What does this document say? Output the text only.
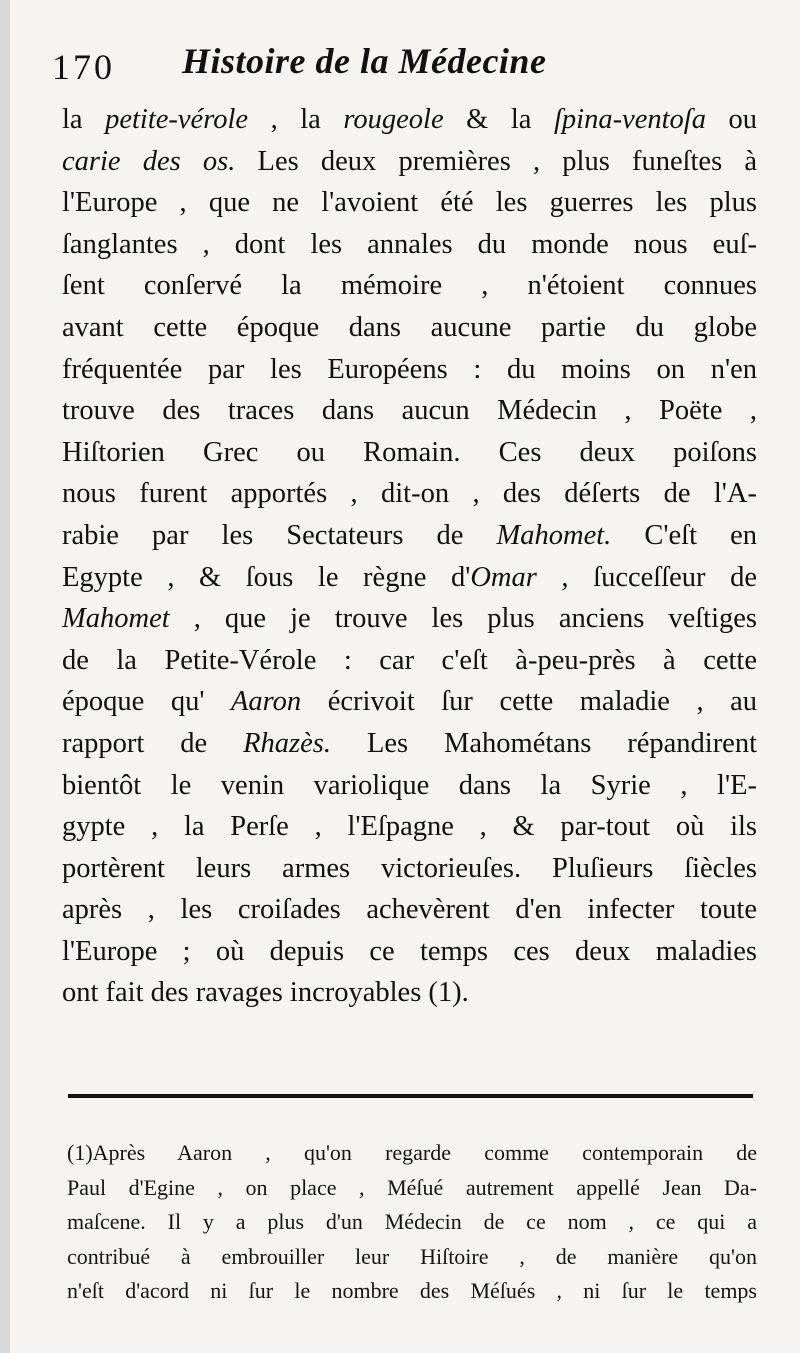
170 Histoire de la Médecine
la petite-vérole , la rougeole & la ſpina-ventoſa ou
carie des os. Les deux premières , plus funeſtes à
l'Europe , que ne l'avoient été les guerres les plus
ſanglantes , dont les annales du monde nous euſ-
ſent conſervé la mémoire , n'étoient connues
avant cette époque dans aucune partie du globe
fréquentée par les Européens : du moins on n'en
trouve des traces dans aucun Médecin , Poëte ,
Hiſtorien Grec ou Romain. Ces deux poiſons
nous furent apportés , dit-on , des déſerts de l'A-
rabie par les Sectateurs de Mahomet. C'eſt en
Egypte , & ſous le règne d'Omar , ſucceſſeur de
Mahomet , que je trouve les plus anciens veſtiges
de la Petite-Vérole : car c'eſt à-peu-près à cette
époque qu' Aaron écrivoit ſur cette maladie , au
rapport de Rhazès. Les Mahométans répandirent
bientôt le venin variolique dans la Syrie , l'E-
gypte , la Perſe , l'Eſpagne , & par-tout où ils
portèrent leurs armes victorieuſes. Pluſieurs ſiècles
après , les croiſades achevèrent d'en infecter toute
l'Europe ; où depuis ce temps ces deux maladies
ont fait des ravages incroyables (1).
(1)Après Aaron , qu'on regarde comme contemporain de
Paul d'Egine , on place , Méſué autrement appellé Jean Da-
maſcene. Il y a plus d'un Médecin de ce nom , ce qui a
contribué à embrouiller leur Hiſtoire , de manière qu'on
n'eſt d'acord ni ſur le nombre des Méſués , ni ſur le temps
